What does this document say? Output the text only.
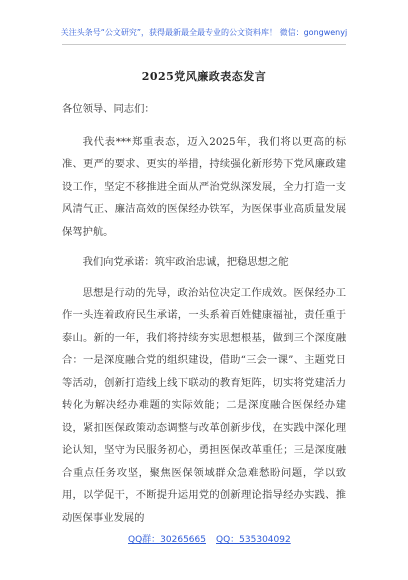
关注头条号“公文研究”，获得最新最全最专业的公文资料库！ 微信：gongwenyj
2025党风廉政表态发言

各位领导、同志们：

我代表***郑重表态，迈入2025年，我们将以更高的标准、更严的要求、更实的举措，持续强化新形势下党风廉政建设工作，坚定不移推进全面从严治党纵深发展，全力打造一支风清气正、廉洁高效的医保经办铁军，为医保事业高质量发展保驾护航。

我们向党承诺：筑牢政治忠诚，把稳思想之舵

思想是行动的先导，政治站位决定工作成效。医保经办工作一头连着政府民生承诺，一头系着百姓健康福祉，责任重于泰山。新的一年，我们将持续夯实思想根基，做到三个深度融合：一是深度融合党的组织建设，借助“三会一课”、主题党日等活动，创新打造线上线下联动的教育矩阵，切实将党建活力转化为解决经办难题的实际效能；二是深度融合医保经办建设，紧扣医保政策动态调整与改革创新步伐，在实践中深化理论认知，坚守为民服务初心，勇担医保改革重任；三是深度融合重点任务攻坚，聚焦医保领域群众急难愁盼问题，学以致用，以学促干，不断提升运用党的创新理论指导经办实践、推动医保事业发展的

QQ群：30265665 QQ：535304092
